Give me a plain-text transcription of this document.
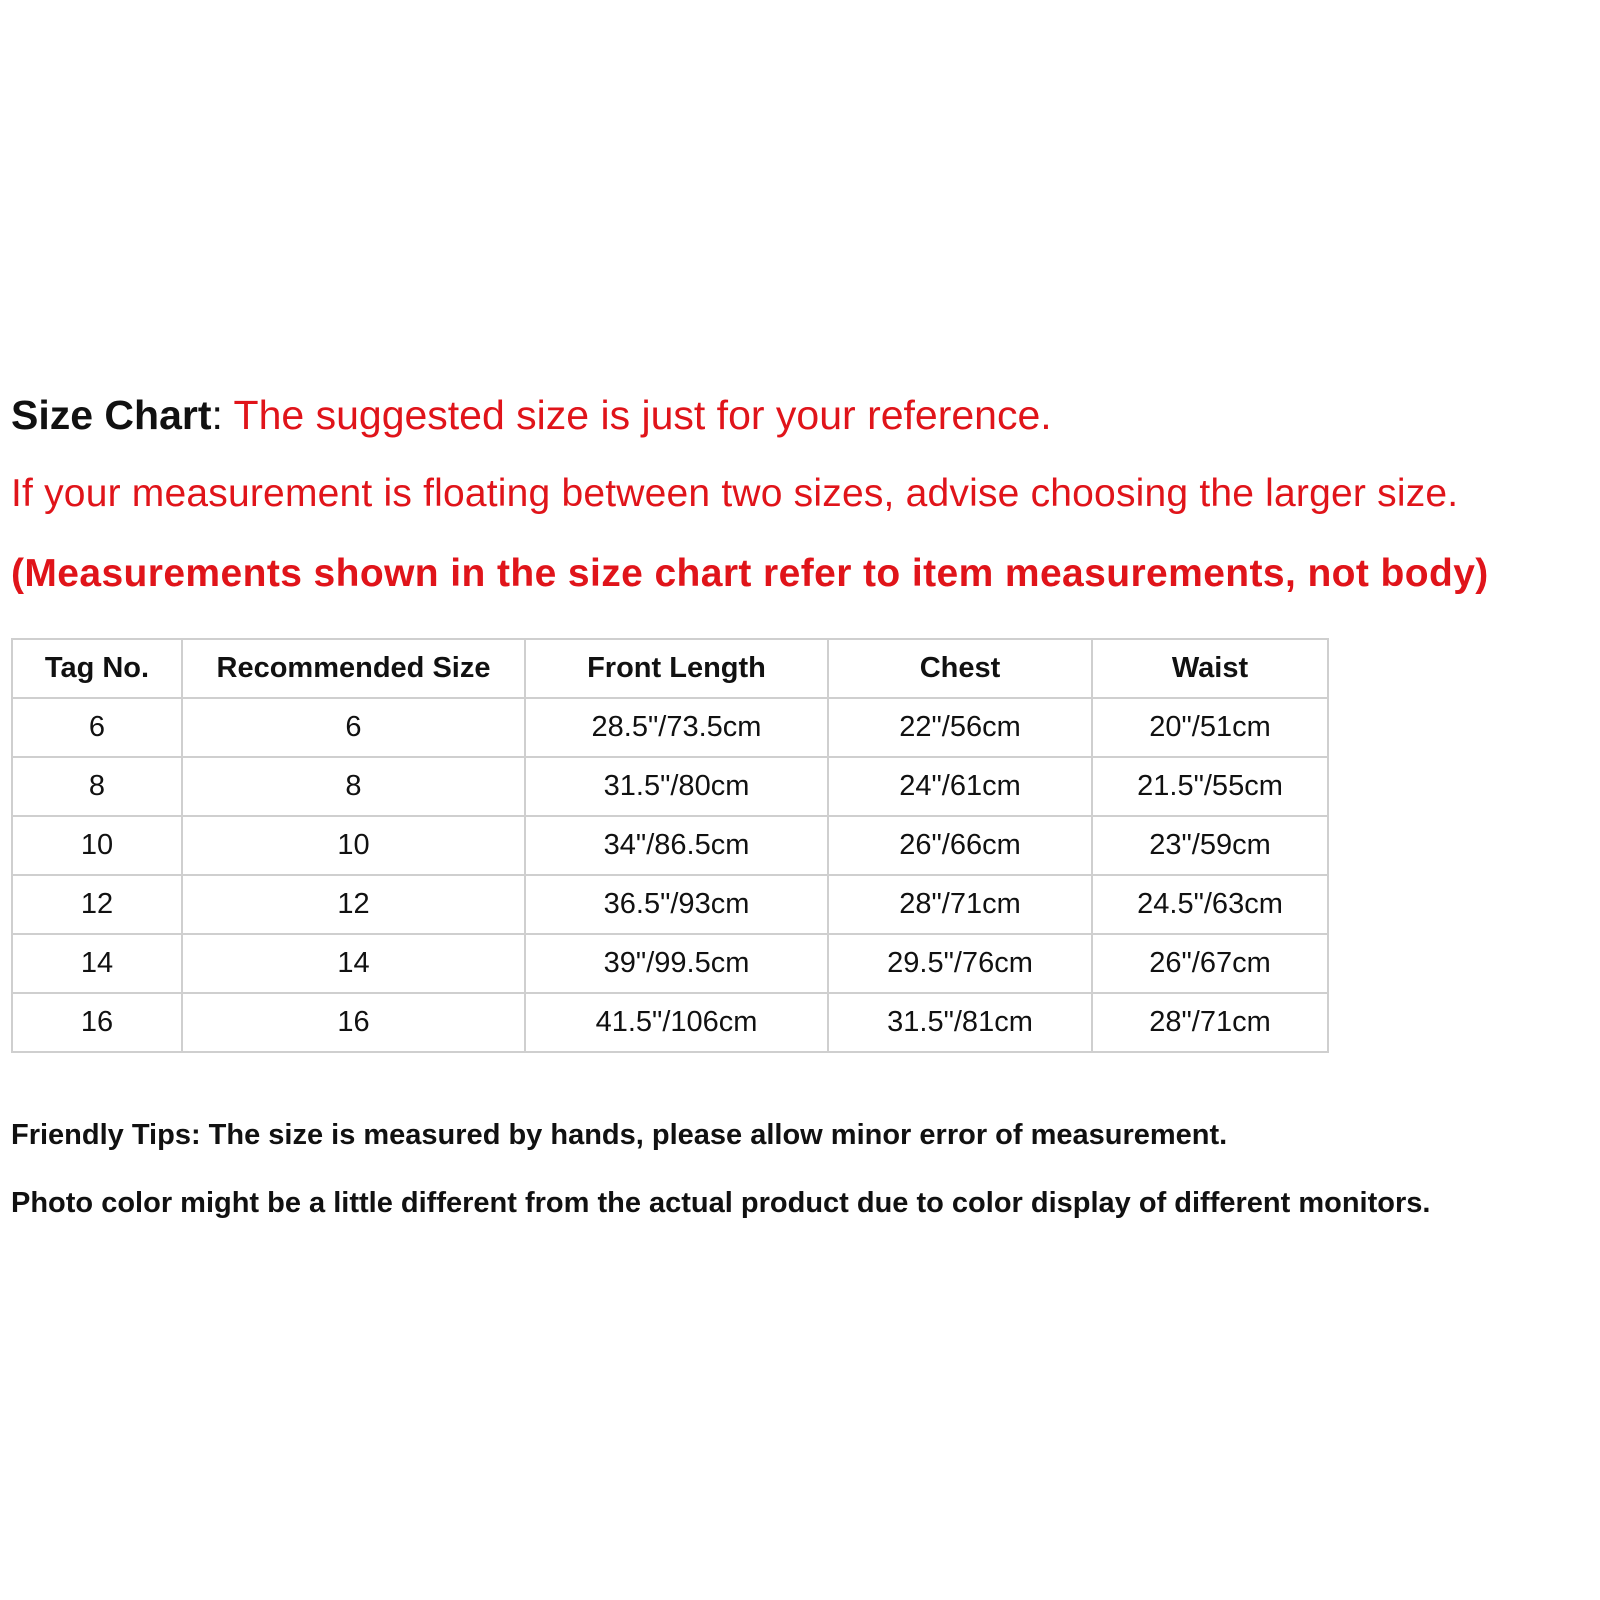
Size Chart: The suggested size is just for your reference.
If your measurement is floating between two sizes, advise choosing the larger size.
(Measurements shown in the size chart refer to item measurements, not body)
Tag No.	Recommended Size	Front Length	Chest	Waist
6	6	28.5"/73.5cm	22"/56cm	20"/51cm
8	8	31.5"/80cm	24"/61cm	21.5"/55cm
10	10	34"/86.5cm	26"/66cm	23"/59cm
12	12	36.5"/93cm	28"/71cm	24.5"/63cm
14	14	39"/99.5cm	29.5"/76cm	26"/67cm
16	16	41.5"/106cm	31.5"/81cm	28"/71cm
Friendly Tips: The size is measured by hands, please allow minor error of measurement.
Photo color might be a little different from the actual product due to color display of different monitors.
